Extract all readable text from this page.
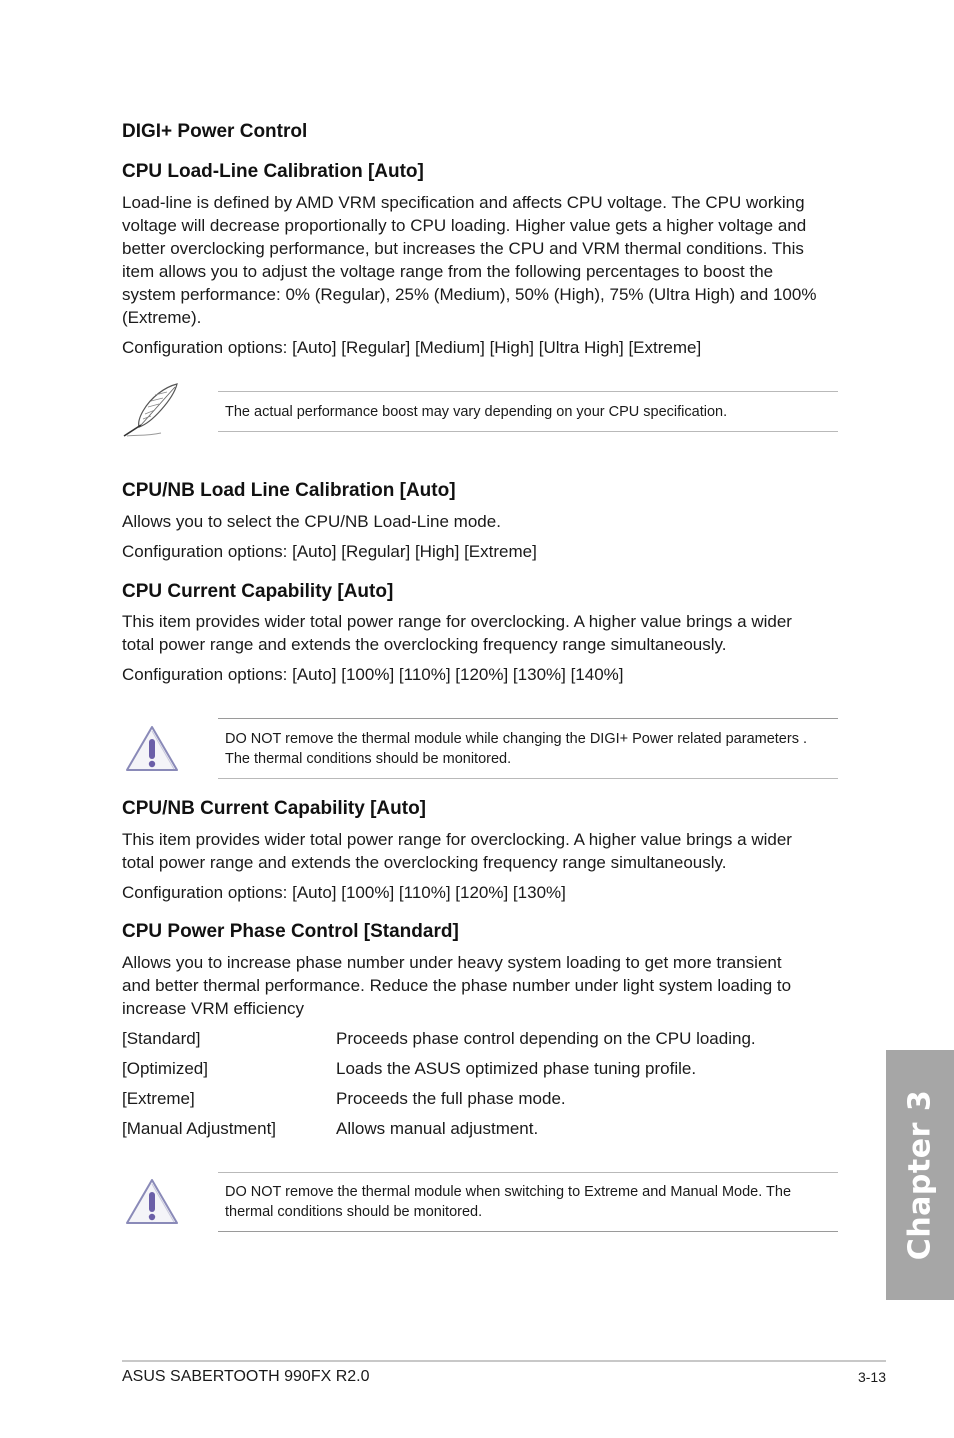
DIGI+ Power Control
CPU Load-Line Calibration [Auto]
Load-line is defined by AMD VRM specification and affects CPU voltage. The CPU working
voltage will decrease proportionally to CPU loading. Higher value gets a higher voltage and
better overclocking performance, but increases the CPU and VRM thermal conditions. This
item allows you to adjust the voltage range from the following percentages to boost the
system performance: 0% (Regular), 25% (Medium), 50% (High), 75% (Ultra High) and 100%
(Extreme).
Configuration options: [Auto] [Regular] [Medium] [High] [Ultra High] [Extreme]
The actual performance boost may vary depending on your CPU specification.
CPU/NB Load Line Calibration [Auto]
Allows you to select the CPU/NB Load-Line mode.
Configuration options: [Auto] [Regular] [High] [Extreme]
CPU Current Capability [Auto]
This item provides wider total power range for overclocking. A higher value brings a wider
total power range and extends the overclocking frequency range simultaneously.
Configuration options: [Auto] [100%] [110%] [120%] [130%] [140%]
DO NOT remove the thermal module while changing the DIGI+ Power related parameters .
The thermal conditions should be monitored.
CPU/NB Current Capability [Auto]
This item provides wider total power range for overclocking. A higher value brings a wider
total power range and extends the overclocking frequency range simultaneously.
Configuration options: [Auto] [100%] [110%] [120%] [130%]
CPU Power Phase Control [Standard]
Allows you to increase phase number under heavy system loading to get more transient
and better thermal performance. Reduce the phase number under light system loading to
increase VRM efficiency
[Standard]	Proceeds phase control depending on the CPU loading.
[Optimized]	Loads the ASUS optimized phase tuning profile.
[Extreme]	Proceeds the full phase mode.
[Manual Adjustment]	Allows manual adjustment.
DO NOT remove the thermal module when switching to Extreme and Manual Mode. The
thermal conditions should be monitored.	Chapter 3
ASUS SABERTOOTH 990FX R2.0	3-13
